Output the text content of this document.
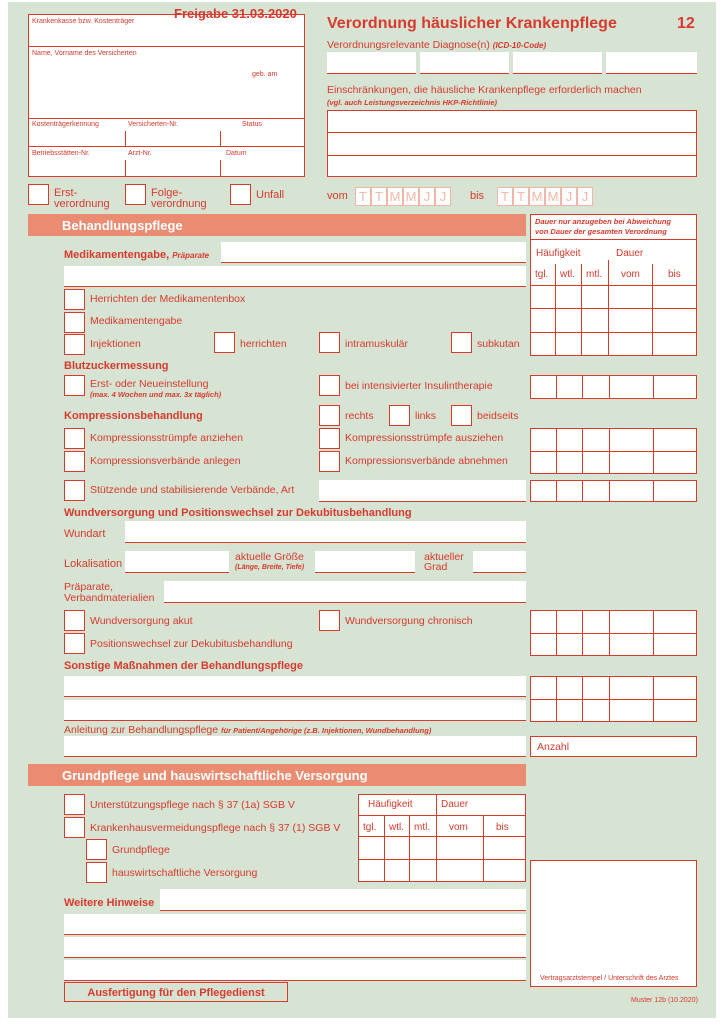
Krankenkasse bzw. Kostenträger
Name, Vorname des Versicherten
geb. am
Kostenträgerkennung	Versicherten-Nr.	Status
Betriebsstätten-Nr.	Arzt-Nr.	Datum
Freigabe 31.03.2020
Verordnung häuslicher Krankenpflege	12
Verordnungsrelevante Diagnose(n) (ICD-10-Code)
Einschränkungen, die häusliche Krankenpflege erforderlich machen
(vgl. auch Leistungsverzeichnis HKP-Richtlinie)
Erst-
verordnung
Folge-
verordnung
Unfall	vom T T M M J J	bis	T T M M J J
Behandlungspflege	Dauer nur anzugeben bei Abweichung
von Dauer der gesamten Verordnung
Häufigkeit	Dauer
tgl. wtl. mtl. vom	bis
Medikamentengabe, Präparate
Herrichten der Medikamentenbox
Medikamentengabe
Injektionen	herrichten	intramuskulär	subkutan
Blutzuckermessung
Erst- oder Neueinstellung
(max. 4 Wochen und max. 3x täglich)
bei intensivierter Insulintherapie
Kompressionsbehandlung	rechts	links	beidseits
Kompressionsstrümpfe anziehen	Kompressionsstrümpfe ausziehen
Kompressionsverbände anlegen	Kompressionsverbände abnehmen
Stützende und stabilisierende Verbände, Art
Wundversorgung und Positionswechsel zur Dekubitusbehandlung
Wundart
Lokalisation
aktuelle Größe
(Länge, Breite, Tiefe)
aktueller
Grad
Präparate,
Verbandmaterialien
Wundversorgung akut	Wundversorgung chronisch
Positionswechsel zur Dekubitusbehandlung
Sonstige Maßnahmen der Behandlungspflege
Anleitung zur Behandlungspflege für Patient/Angehörige (z.B. Injektionen, Wundbehandlung)
Anzahl
Grundpflege und hauswirtschaftliche Versorgung
Unterstützungspflege nach § 37 (1a) SGB V
Krankenhausvermeidungspflege nach § 37 (1) SGB V
Grundpflege
hauswirtschaftliche Versorgung
Häufigkeit	Dauer
tgl. wtl. mtl. vom	bis
Weitere Hinweise
Vertragsarztstempel / Unterschrift des Arztes
Ausfertigung für den Pflegedienst
Muster 12b (10.2020)
